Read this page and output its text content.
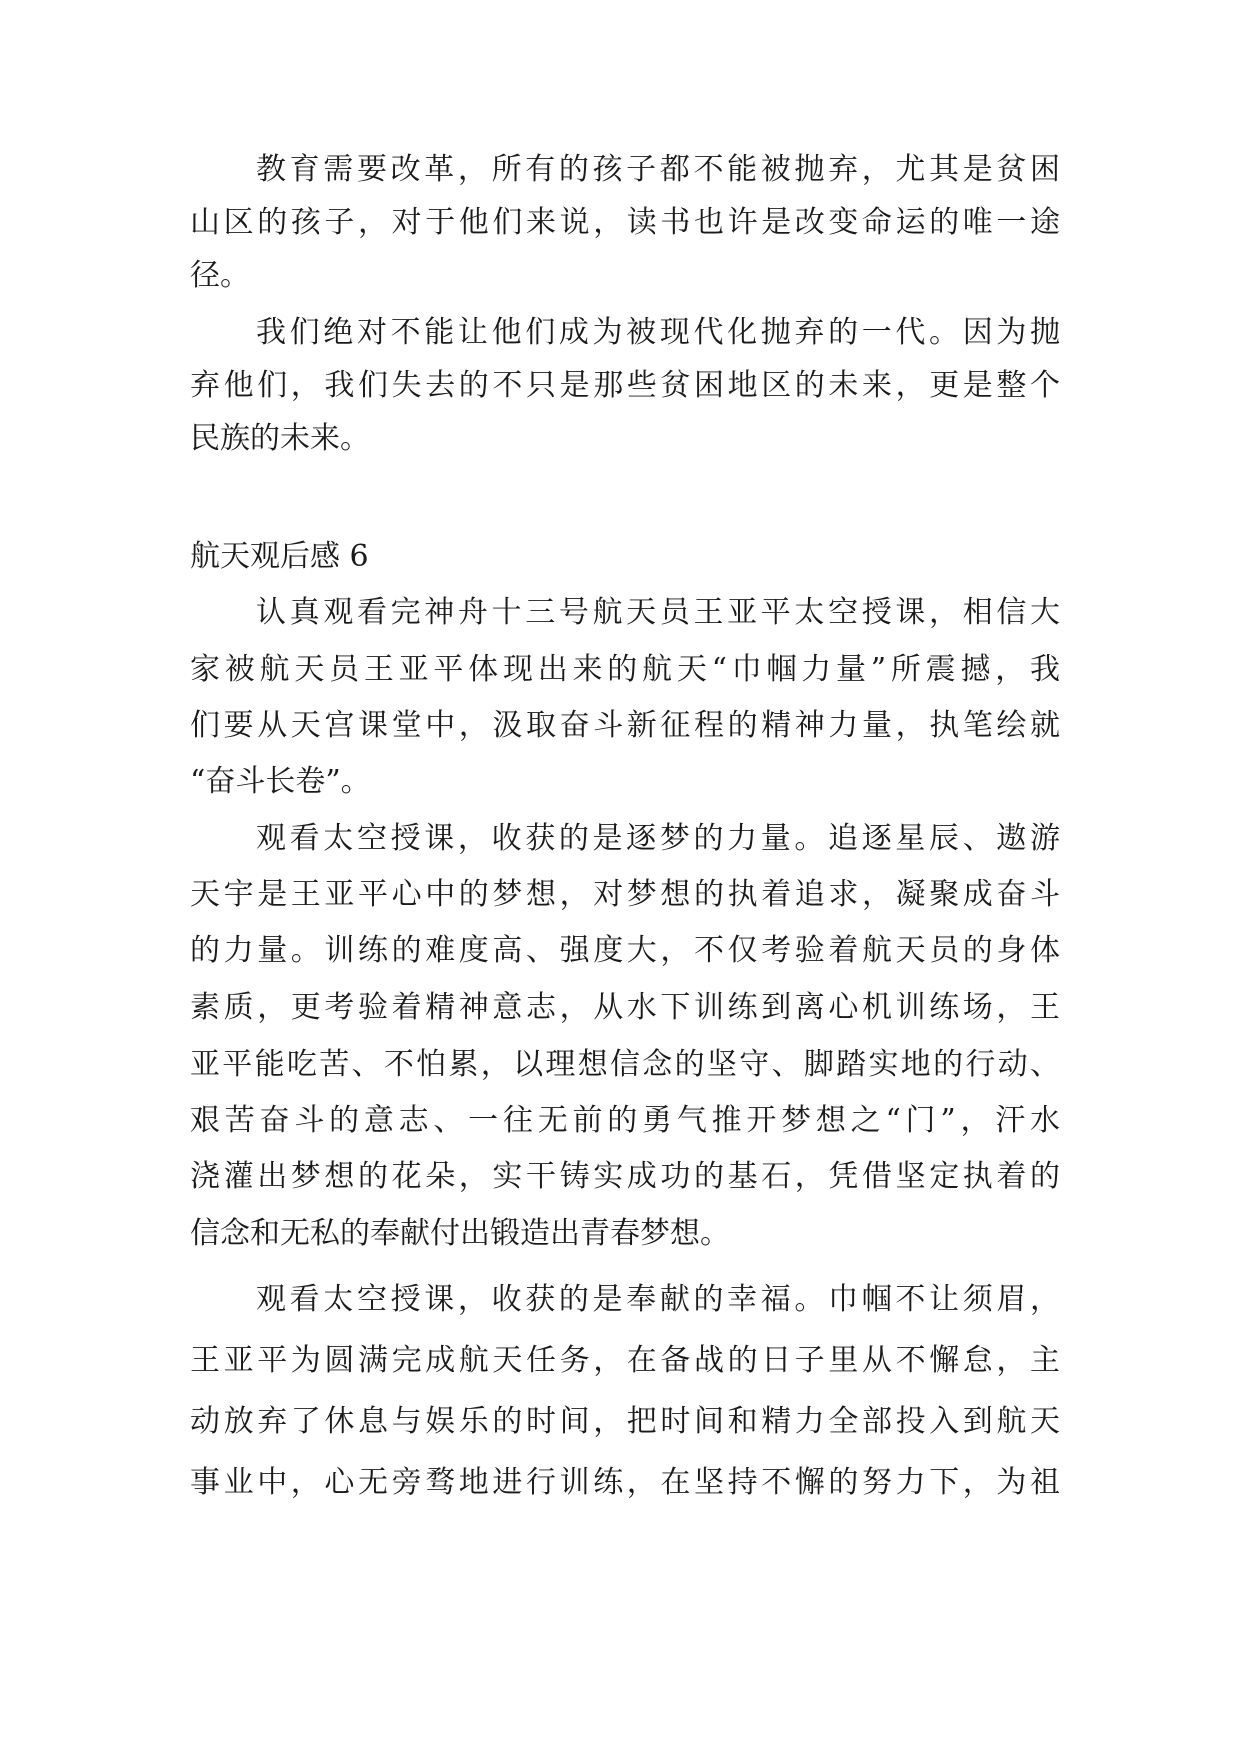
教育需要改革，所有的孩子都不能被抛弃，尤其是贫困
山区的孩子，对于他们来说，读书也许是改变命运的唯一途
径。
我们绝对不能让他们成为被现代化抛弃的一代。因为抛
弃他们，我们失去的不只是那些贫困地区的未来，更是整个
民族的未来。
航天观后感 6
认真观看完神舟十三号航天员王亚平太空授课，相信大
家被航天员王亚平体现出来的航天“巾帼力量”所震撼，我
们要从天宫课堂中，汲取奋斗新征程的精神力量，执笔绘就
“奋斗长卷”。
观看太空授课，收获的是逐梦的力量。追逐星辰、遨游
天宇是王亚平心中的梦想，对梦想的执着追求，凝聚成奋斗
的力量。训练的难度高、强度大，不仅考验着航天员的身体
素质，更考验着精神意志，从水下训练到离心机训练场，王
亚平能吃苦、不怕累，以理想信念的坚守、脚踏实地的行动、
艰苦奋斗的意志、一往无前的勇气推开梦想之“门”，汗水
浇灌出梦想的花朵，实干铸实成功的基石，凭借坚定执着的
信念和无私的奉献付出锻造出青春梦想。
观看太空授课，收获的是奉献的幸福。巾帼不让须眉，
王亚平为圆满完成航天任务，在备战的日子里从不懈怠，主
动放弃了休息与娱乐的时间，把时间和精力全部投入到航天
事业中，心无旁骛地进行训练，在坚持不懈的努力下，为祖
